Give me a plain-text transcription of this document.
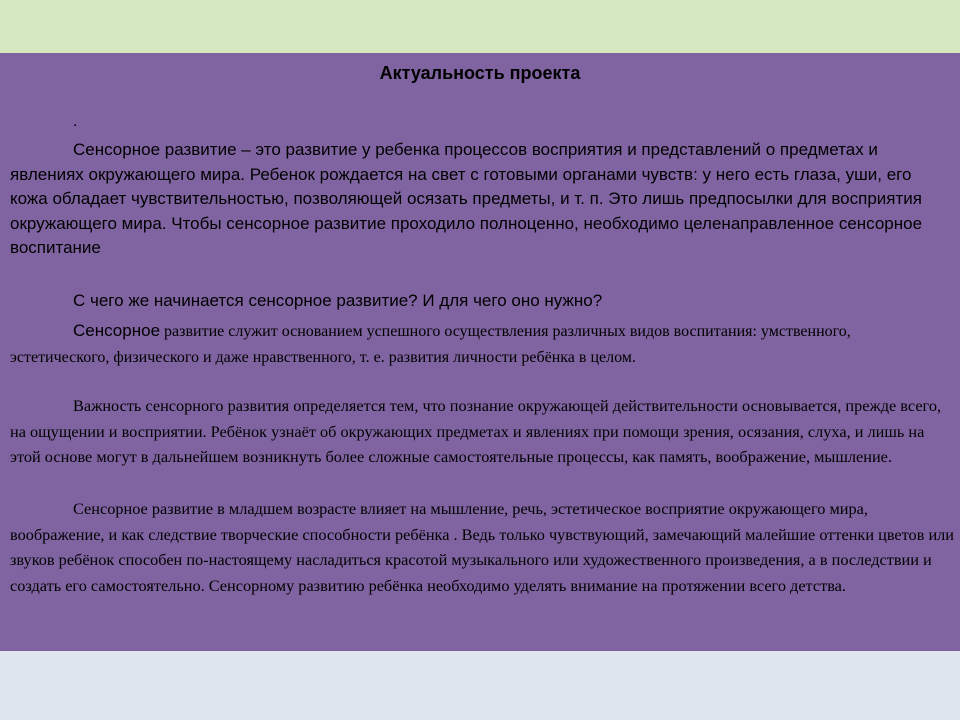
Актуальность проекта
.

Сенсорное развитие – это развитие у ребенка процессов восприятия и представлений о предметах и явлениях окружающего мира. Ребенок рождается на свет с готовыми органами чувств: у него есть глаза, уши, его кожа обладает чувствительностью, позволяющей осязать предметы, и т. п. Это лишь предпосылки для восприятия окружающего мира. Чтобы сенсорное развитие проходило полноценно, необходимо целенаправленное сенсорное воспитание

С чего же начинается сенсорное развитие? И для чего оно нужно?

Сенсорное развитие служит основанием успешного осуществления различных видов воспитания: умственного, эстетического, физического и даже нравственного, т. е. развития личности ребёнка в целом.

Важность сенсорного развития определяется тем, что познание окружающей действительности основывается, прежде всего, на ощущении и восприятии. Ребёнок узнаёт об окружающих предметах и явлениях при помощи зрения, осязания, слуха, и лишь на этой основе могут в дальнейшем возникнуть более сложные самостоятельные процессы, как память, воображение, мышление.

Сенсорное развитие в младшем возрасте влияет на мышление, речь, эстетическое восприятие окружающего мира, воображение, и как следствие творческие способности ребёнка . Ведь только чувствующий, замечающий малейшие оттенки цветов или звуков ребёнок способен по-настоящему насладиться красотой музыкального или художественного произведения, а в последствии и создать его самостоятельно. Сенсорному развитию ребёнка необходимо уделять внимание на протяжении всего детства.
